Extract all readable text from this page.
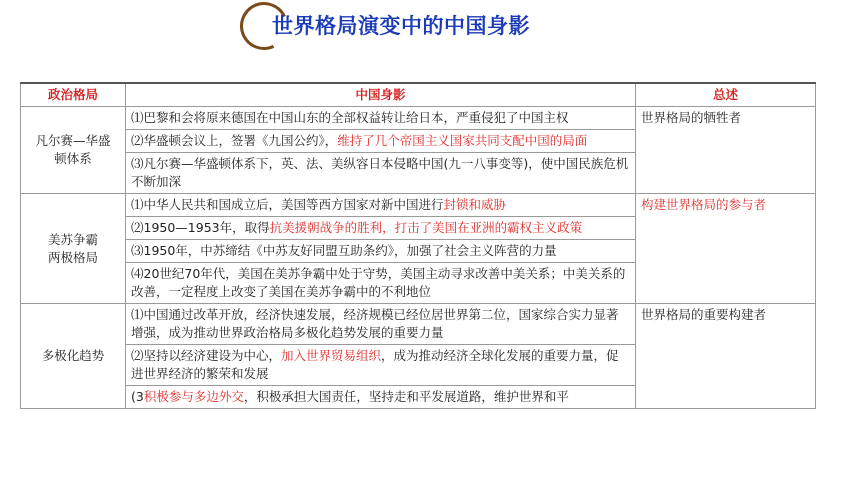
世界格局演变中的中国身影
政治格局	中国身影	总述
凡尔赛—华盛顿体系	⑴巴黎和会将原来德国在中国山东的全部权益转让给日本，严重侵犯了中国主权	世界格局的牺牲者
	⑵华盛顿会议上，签署《九国公约》，维持了几个帝国主义国家共同支配中国的局面	
	⑶凡尔赛—华盛顿体系下，英、法、美纵容日本侵略中国(九一八事变等)，使中国民族危机不断加深	
美苏争霸两极格局	⑴中华人民共和国成立后，美国等西方国家对新中国进行封锁和威胁	构建世界格局的参与者
	⑵1950—1953年，取得抗美援朝战争的胜利，打击了美国在亚洲的霸权主义政策	
	⑶1950年，中苏缔结《中苏友好同盟互助条约》，加强了社会主义阵营的力量	
	⑷20世纪70年代，美国在美苏争霸中处于守势，美国主动寻求改善中美关系；中美关系的改善，一定程度上改变了美国在美苏争霸中的不利地位	
多极化趋势	⑴中国通过改革开放，经济快速发展，经济规模已经位居世界第二位，国家综合实力显著增强，成为推动世界政治格局多极化趋势发展的重要力量	世界格局的重要构建者
	⑵坚持以经济建设为中心，加入世界贸易组织，成为推动经济全球化发展的重要力量，促进世界经济的繁荣和发展	

	(3积极参与多边外交，积极承担大国责任，坚持走和平发展道路，维护世界和平	
